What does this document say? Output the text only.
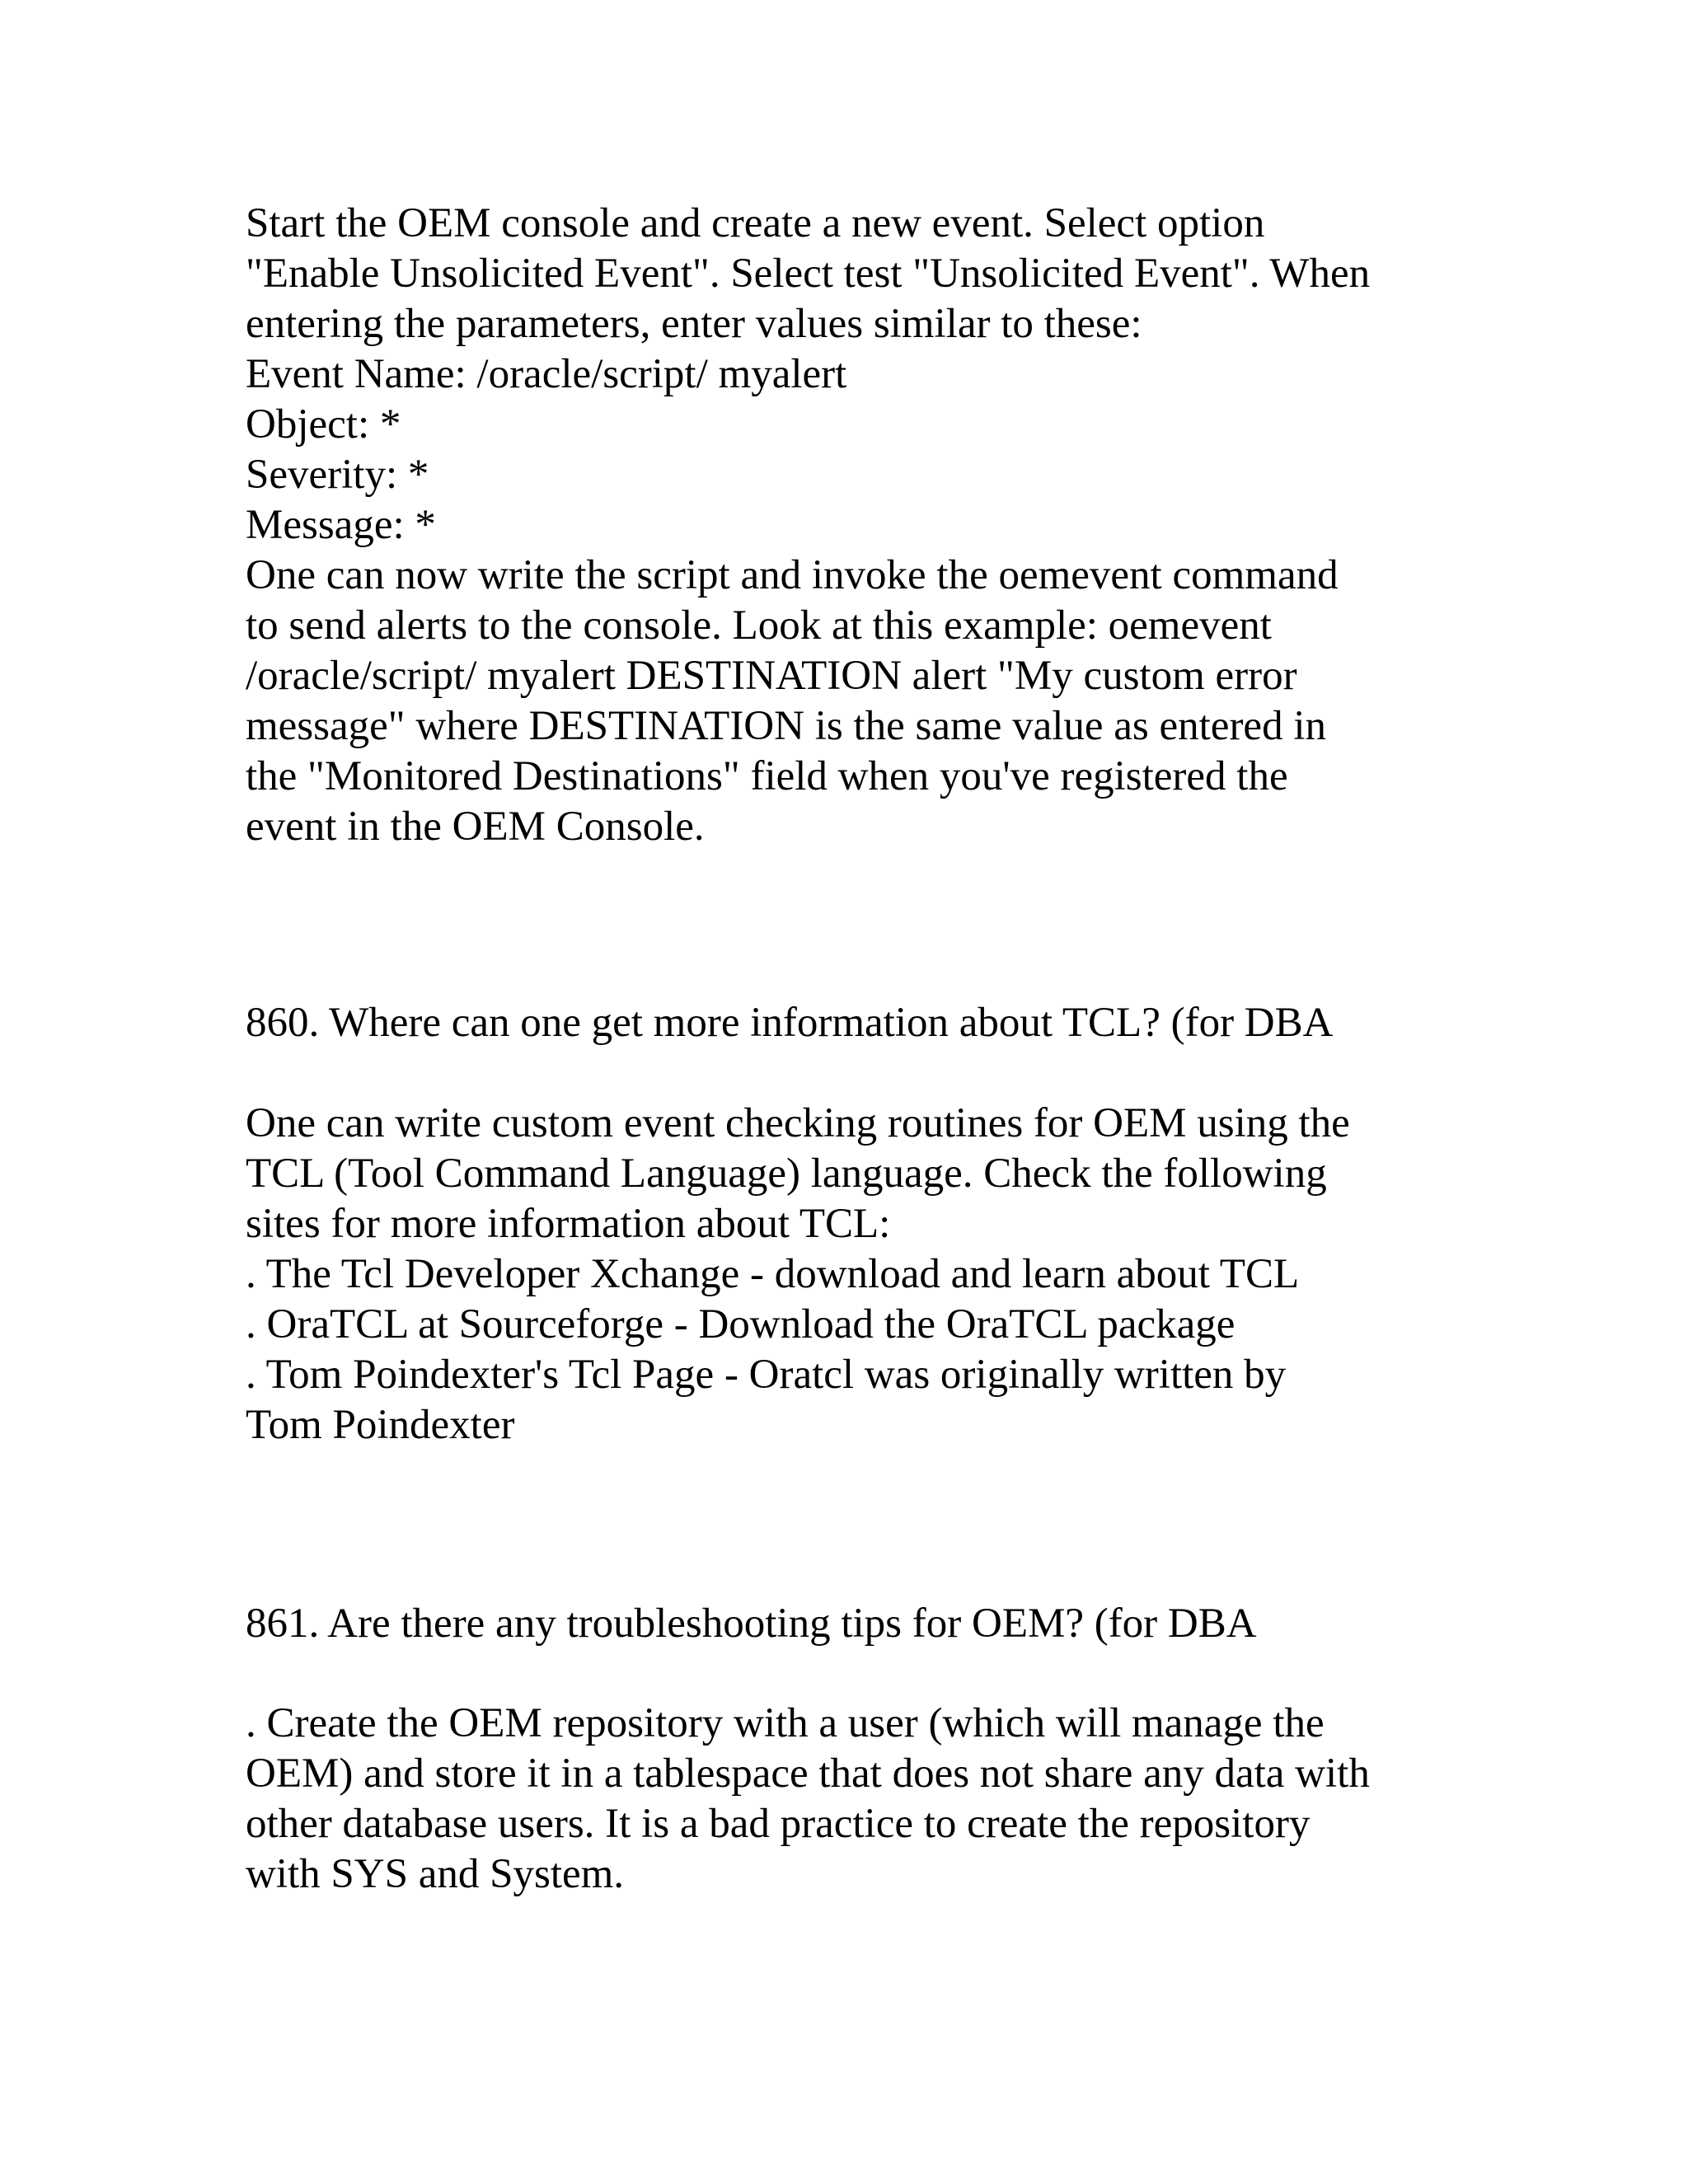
Start the OEM console and create a new event. Select option
"Enable Unsolicited Event". Select test "Unsolicited Event". When
entering the parameters, enter values similar to these:
Event Name: /oracle/script/ myalert
Object: *
Severity: *
Message: *
One can now write the script and invoke the oemevent command
to send alerts to the console. Look at this example: oemevent
/oracle/script/ myalert DESTINATION alert "My custom error
message" where DESTINATION is the same value as entered in
the "Monitored Destinations" field when you've registered the
event in the OEM Console.
860. Where can one get more information about TCL? (for DBA
One can write custom event checking routines for OEM using the
TCL (Tool Command Language) language. Check the following
sites for more information about TCL:
. The Tcl Developer Xchange - download and learn about TCL
. OraTCL at Sourceforge - Download the OraTCL package
. Tom Poindexter's Tcl Page - Oratcl was originally written by
Tom Poindexter
861. Are there any troubleshooting tips for OEM? (for DBA
. Create the OEM repository with a user (which will manage the
OEM) and store it in a tablespace that does not share any data with
other database users. It is a bad practice to create the repository
with SYS and System.
